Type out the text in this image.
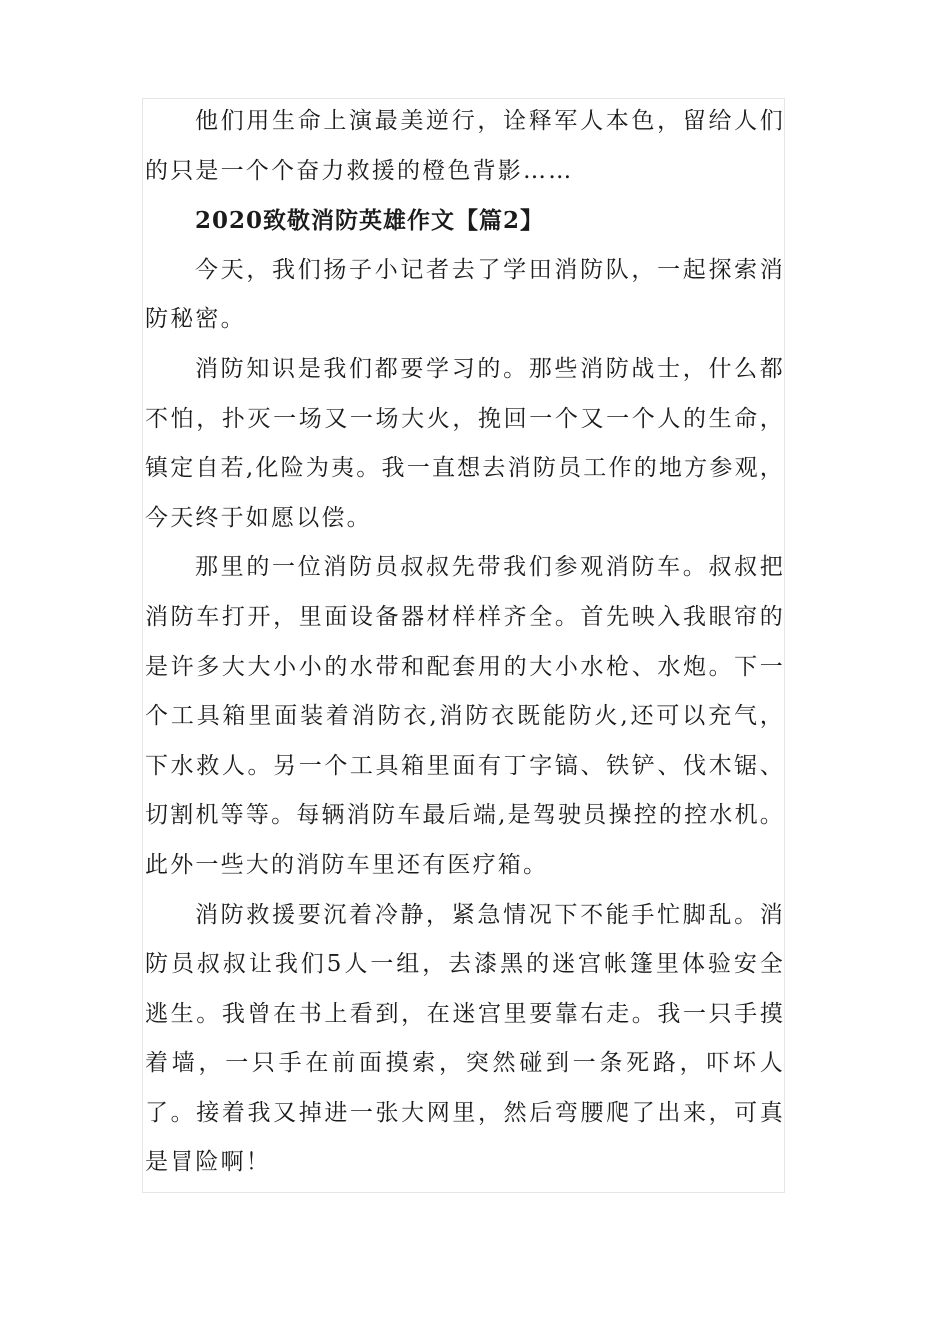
他们用生命上演最美逆行，诠释军人本色，留给人们的只是一个个奋力救援的橙色背影……

2020致敬消防英雄作文【篇2】

今天，我们扬子小记者去了学田消防队，一起探索消防秘密。

消防知识是我们都要学习的。那些消防战士，什么都不怕，扑灭一场又一场大火，挽回一个又一个人的生命，镇定自若,化险为夷。我一直想去消防员工作的地方参观，今天终于如愿以偿。

那里的一位消防员叔叔先带我们参观消防车。叔叔把消防车打开，里面设备器材样样齐全。首先映入我眼帘的是许多大大小小的水带和配套用的大小水枪、水炮。下一个工具箱里面装着消防衣,消防衣既能防火,还可以充气，下水救人。另一个工具箱里面有丁字镐、铁铲、伐木锯、切割机等等。每辆消防车最后端,是驾驶员操控的控水机。此外一些大的消防车里还有医疗箱。

消防救援要沉着冷静，紧急情况下不能手忙脚乱。消防员叔叔让我们5人一组，去漆黑的迷宫帐篷里体验安全逃生。我曾在书上看到，在迷宫里要靠右走。我一只手摸着墙，一只手在前面摸索，突然碰到一条死路，吓坏人了。接着我又掉进一张大网里，然后弯腰爬了出来，可真是冒险啊！
